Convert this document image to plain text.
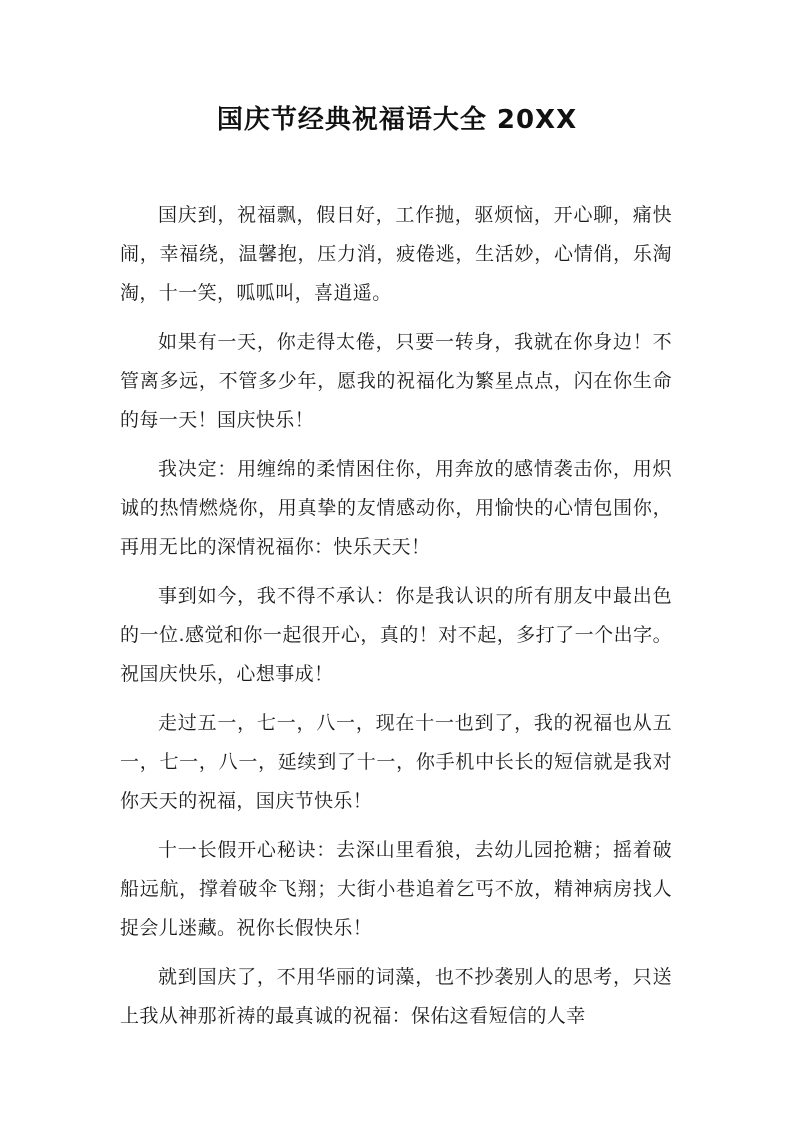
国庆节经典祝福语大全 20XX

国庆到，祝福飘，假日好，工作抛，驱烦恼，开心聊，痛快闹，幸福绕，温馨抱，压力消，疲倦逃，生活妙，心情俏，乐淘淘，十一笑，呱呱叫，喜逍遥。

如果有一天，你走得太倦，只要一转身，我就在你身边！不管离多远，不管多少年，愿我的祝福化为繁星点点，闪在你生命的每一天！国庆快乐！

我决定：用缠绵的柔情困住你，用奔放的感情袭击你，用炽诚的热情燃烧你，用真挚的友情感动你，用愉快的心情包围你，再用无比的深情祝福你：快乐天天！

事到如今，我不得不承认：你是我认识的所有朋友中最出色的一位.感觉和你一起很开心，真的！对不起，多打了一个出字。祝国庆快乐，心想事成！

走过五一，七一，八一，现在十一也到了，我的祝福也从五一，七一，八一，延续到了十一，你手机中长长的短信就是我对你天天的祝福，国庆节快乐！

十一长假开心秘诀：去深山里看狼，去幼儿园抢糖；摇着破船远航，撑着破伞飞翔；大街小巷追着乞丐不放，精神病房找人捉会儿迷藏。祝你长假快乐！

就到国庆了，不用华丽的词藻，也不抄袭别人的思考，只送上我从神那祈祷的最真诚的祝福：保佑这看短信的人幸
